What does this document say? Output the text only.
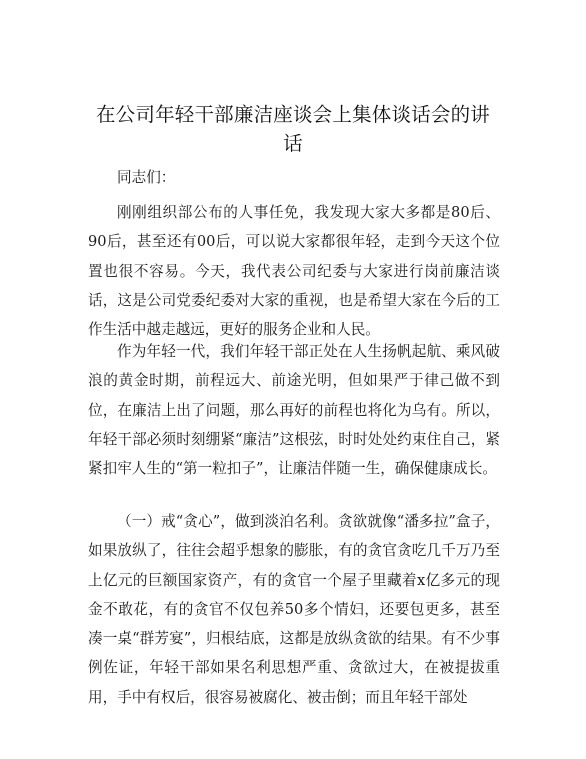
在公司年轻干部廉洁座谈会上集体谈话会的讲话
同志们：

刚刚组织部公布的人事任免，我发现大家大多都是80后、90后，甚至还有00后，可以说大家都很年轻，走到今天这个位置也很不容易。今天，我代表公司纪委与大家进行岗前廉洁谈话，这是公司党委纪委对大家的重视，也是希望大家在今后的工作生活中越走越远，更好的服务企业和人民。

作为年轻一代，我们年轻干部正处在人生扬帆起航、乘风破浪的黄金时期，前程远大、前途光明，但如果严于律己做不到位，在廉洁上出了问题，那么再好的前程也将化为乌有。所以，年轻干部必须时刻绷紧“廉洁”这根弦，时时处处约束住自己，紧紧扣牢人生的“第一粒扣子”，让廉洁伴随一生，确保健康成长。

（一）戒“贪心”，做到淡泊名利。贪欲就像“潘多拉”盒子，如果放纵了，往往会超乎想象的膨胀，有的贪官贪吃几千万乃至上亿元的巨额国家资产，有的贪官一个屋子里藏着x亿多元的现金不敢花，有的贪官不仅包养50多个情妇，还要包更多，甚至凑一桌“群芳宴”，归根结底，这都是放纵贪欲的结果。有不少事例佐证，年轻干部如果名利思想严重、贪欲过大，在被提拔重用，手中有权后，很容易被腐化、被击倒；而且年轻干部处
